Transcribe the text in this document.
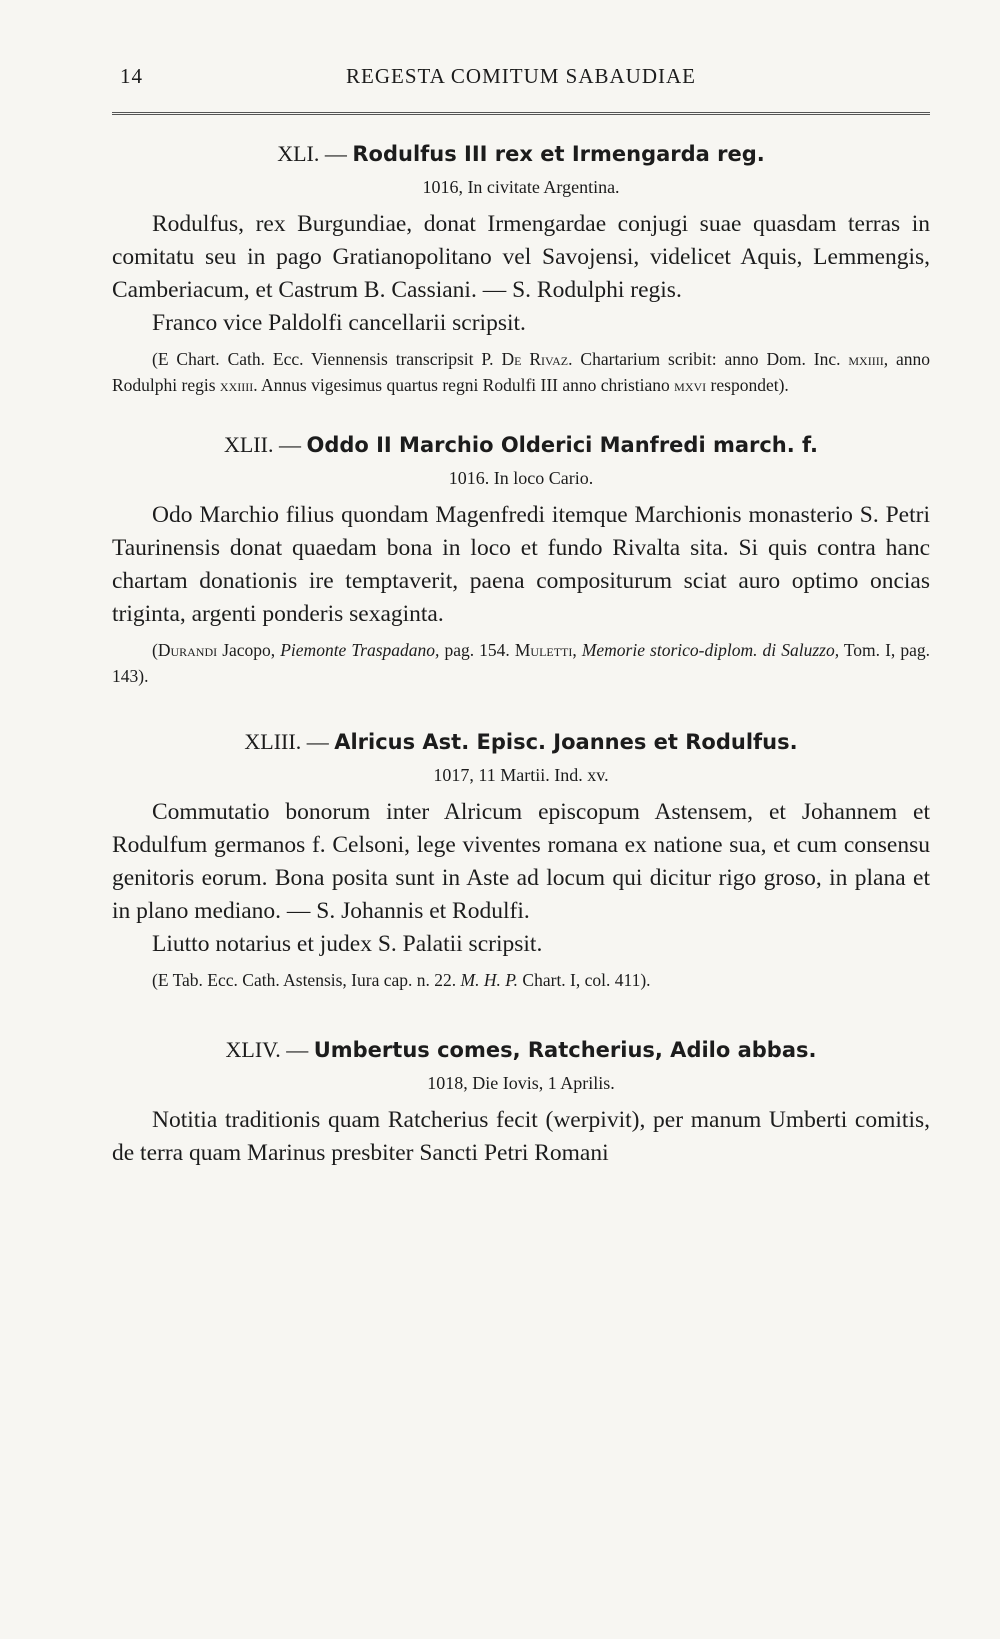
14	REGESTA COMITUM SABAUDIAE

XLI. — Rodulfus III rex et Irmengarda reg.

1016, In civitate Argentina.

Rodulfus, rex Burgundiae, donat Irmengardae conjugi suae quasdam terras in comitatu seu in pago Gratianopolitano vel Savojensi, videlicet Aquis, Lemmengis, Camberiacum, et Castrum B. Cassiani. — S. Rodulphi regis.

Franco vice Paldolfi cancellarii scripsit.

(E Chart. Cath. Ecc. Viennensis transcripsit P. De Rivaz. Chartarium scribit: anno Dom. Inc. mxiiii, anno Rodulphi regis xxiiii. Annus vigesimus quartus regni Rodulfi III anno christiano mxvi respondet).

XLII. — Oddo II Marchio Olderici Manfredi march. f.

1016. In loco Cario.

Odo Marchio filius quondam Magenfredi itemque Marchionis monasterio S. Petri Taurinensis donat quaedam bona in loco et fundo Rivalta sita. Si quis contra hanc chartam donationis ire temptaverit, paena compositurum sciat auro optimo oncias triginta, argenti ponderis sexaginta.

(Durandi Jacopo, Piemonte Traspadano, pag. 154. Muletti, Memorie storico-diplom. di Saluzzo, Tom. I, pag. 143).

XLIII. — Alricus Ast. Episc. Joannes et Rodulfus.

1017, 11 Martii. Ind. xv.

Commutatio bonorum inter Alricum episcopum Astensem, et Johannem et Rodulfum germanos f. Celsoni, lege viventes romana ex natione sua, et cum consensu genitoris eorum. Bona posita sunt in Aste ad locum qui dicitur rigo groso, in plana et in plano mediano. — S. Johannis et Rodulfi.

Liutto notarius et judex S. Palatii scripsit.

(E Tab. Ecc. Cath. Astensis, Iura cap. n. 22. M. H. P. Chart. I, col. 411).

XLIV. — Umbertus comes, Ratcherius, Adilo abbas.

1018, Die Iovis, 1 Aprilis.

Notitia traditionis quam Ratcherius fecit (werpivit), per manum Umberti comitis, de terra quam Marinus presbiter Sancti Petri Romani
